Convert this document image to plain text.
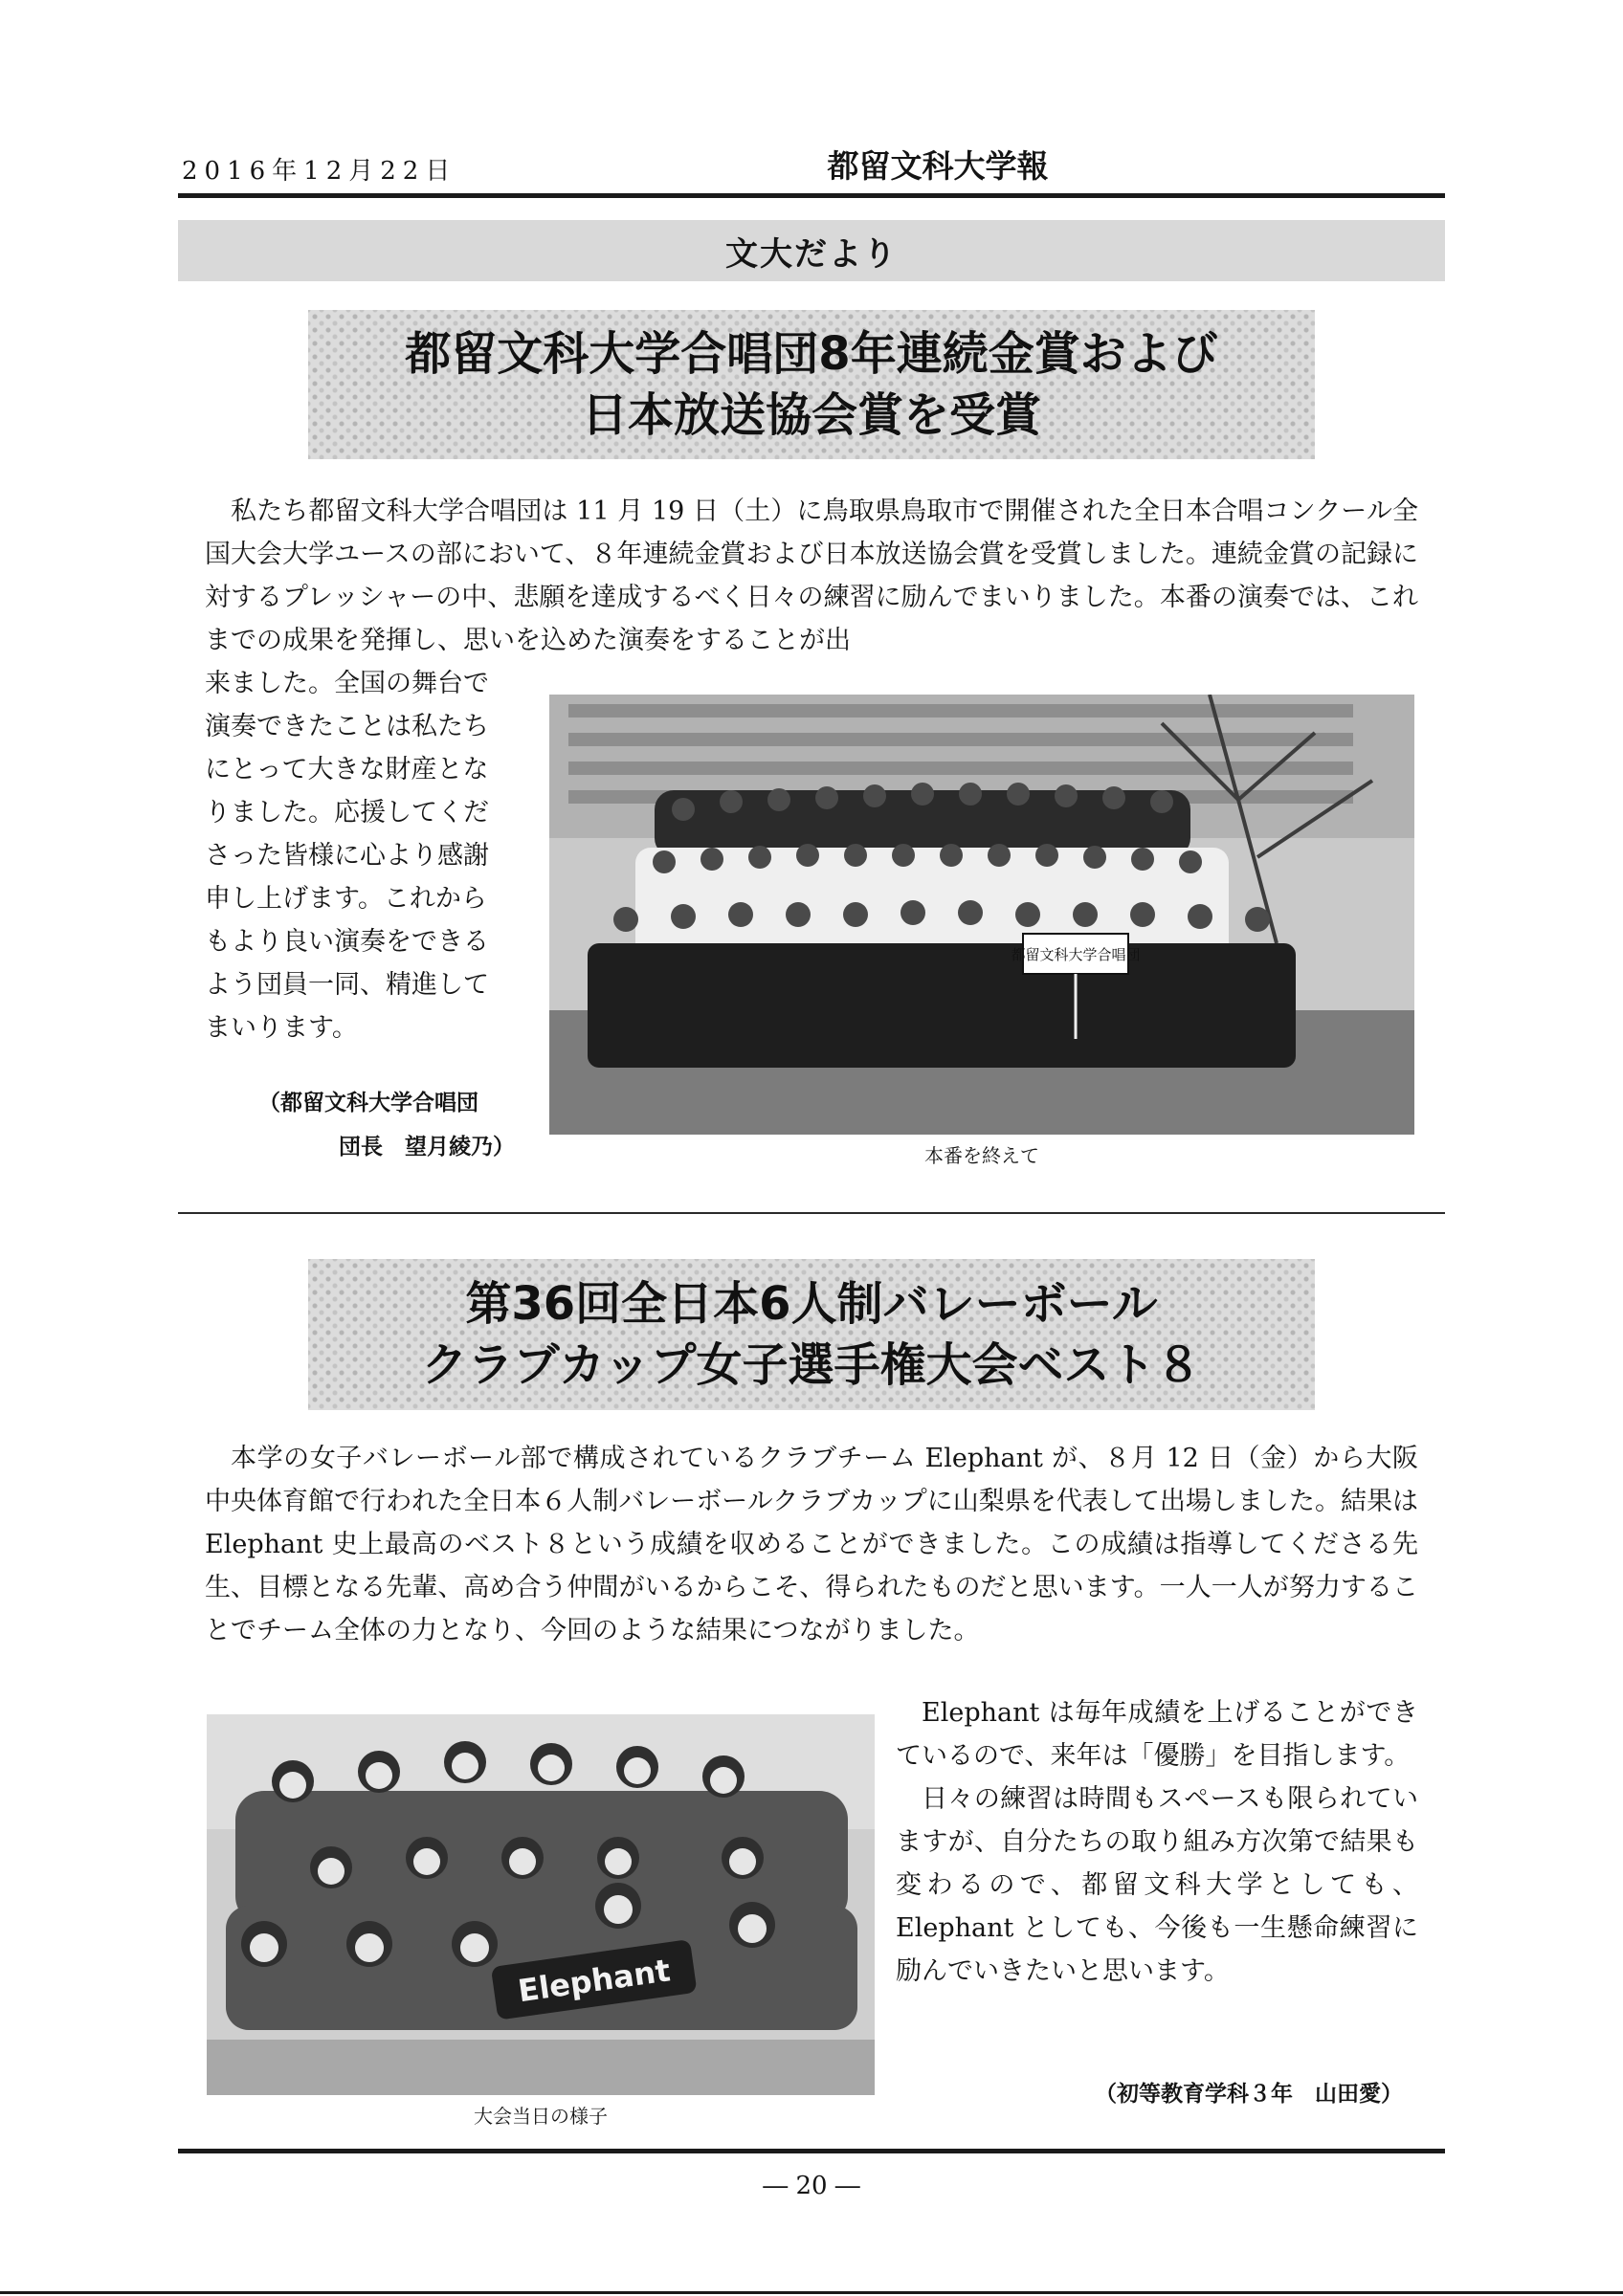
2016年12月22日	都留文科大学報
文大だより
都留文科大学合唱団8年連続金賞および
日本放送協会賞を受賞
私たち都留文科大学合唱団は 11 月 19 日（土）に鳥取県鳥取市で開催された全日本合唱コンクール全国大会大学ユースの部において、８年連続金賞および日本放送協会賞を受賞しました。連続金賞の記録に対するプレッシャーの中、悲願を達成するべく日々の練習に励んでまいりました。本番の演奏では、これまでの成果を発揮し、思いを込めた演奏をすることが出
来ました。全国の舞台で
演奏できたことは私たち
にとって大きな財産とな
りました。応援してくだ
さった皆様に心より感謝
申し上げます。これから
もより良い演奏をできる
よう団員一同、精進して
まいります。
（都留文科大学合唱団
団長　望月綾乃）
都留文科大学合唱団
本番を終えて
第36回全日本6人制バレーボール
クラブカップ女子選手権大会ベスト８
本学の女子バレーボール部で構成されているクラブチーム Elephant が、８月 12 日（金）から大阪中央体育館で行われた全日本６人制バレーボールクラブカップに山梨県を代表して出場しました。結果は Elephant 史上最高のベスト８という成績を収めることができました。この成績は指導してくださる先生、目標となる先輩、高め合う仲間がいるからこそ、得られたものだと思います。一人一人が努力することでチーム全体の力となり、今回のような結果につながりました。
Elephant
大会当日の様子
Elephant は毎年成績を上げることができているので、来年は「優勝」を目指します。
日々の練習は時間もスペースも限られていますが、自分たちの取り組み方次第で結果も変わるので、都留文科大学としても、Elephant としても、今後も一生懸命練習に励んでいきたいと思います。
（初等教育学科３年　山田愛）
― 20 ―
